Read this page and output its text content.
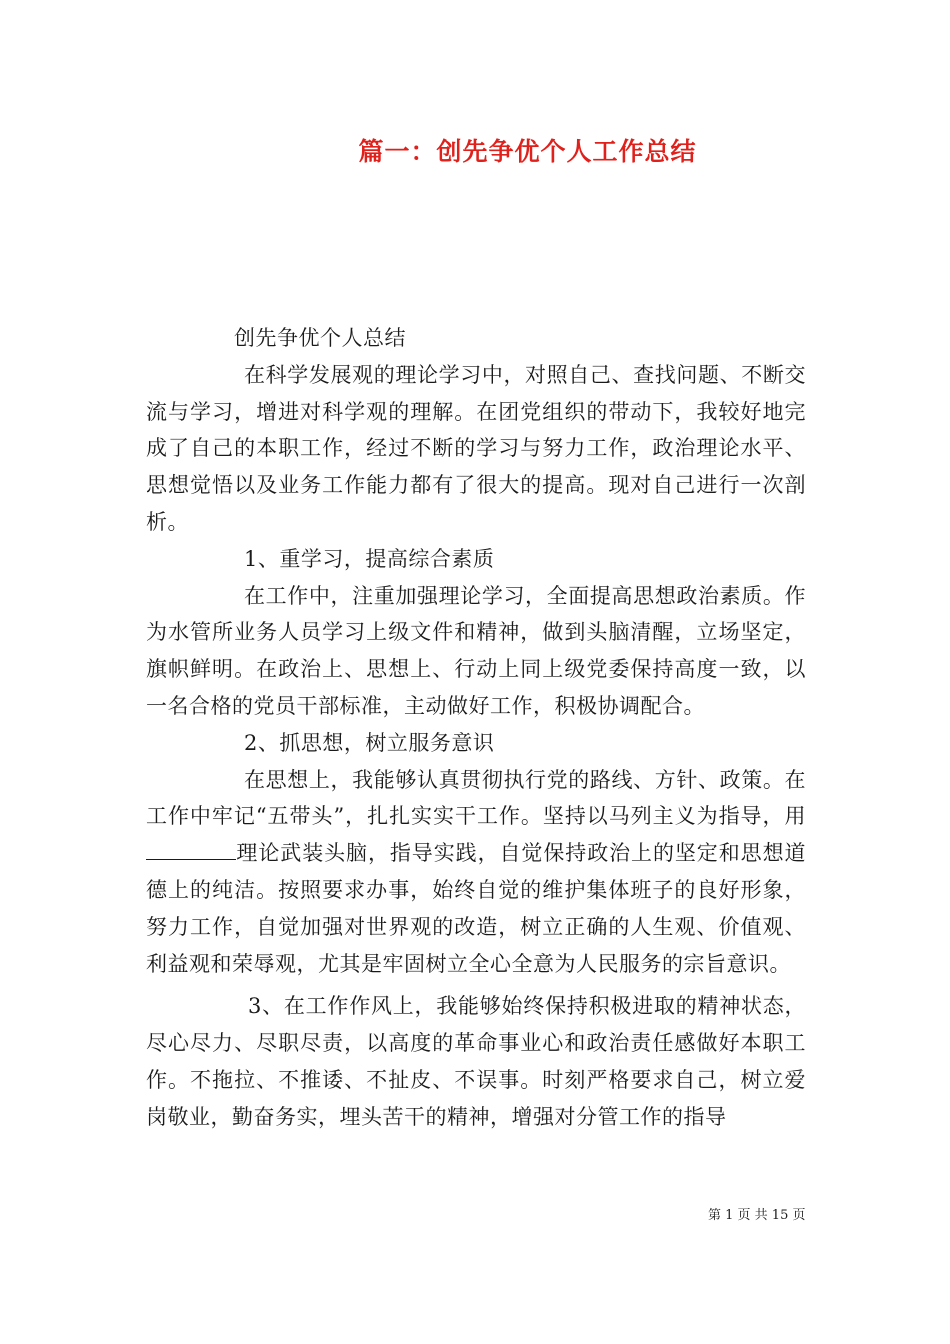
篇一：创先争优个人工作总结

创先争优个人总结

在科学发展观的理论学习中，对照自己、查找问题、不断交流与学习，增进对科学观的理解。在团党组织的带动下，我较好地完成了自己的本职工作，经过不断的学习与努力工作，政治理论水平、思想觉悟以及业务工作能力都有了很大的提高。现对自己进行一次剖析。

1、重学习，提高综合素质

在工作中，注重加强理论学习，全面提高思想政治素质。作为水管所业务人员学习上级文件和精神，做到头脑清醒，立场坚定，旗帜鲜明。在政治上、思想上、行动上同上级党委保持高度一致，以一名合格的党员干部标准，主动做好工作，积极协调配合。

2、抓思想，树立服务意识

在思想上，我能够认真贯彻执行党的路线、方针、政策。在工作中牢记“五带头”，扎扎实实干工作。坚持以马列主义为指导，用理论武装头脑，指导实践，自觉保持政治上的坚定和思想道德上的纯洁。按照要求办事，始终自觉的维护集体班子的良好形象，努力工作，自觉加强对世界观的改造，树立正确的人生观、价值观、利益观和荣辱观，尤其是牢固树立全心全意为人民服务的宗旨意识。

3、在工作作风上，我能够始终保持积极进取的精神状态，尽心尽力、尽职尽责，以高度的革命事业心和政治责任感做好本职工作。不拖拉、不推诿、不扯皮、不误事。时刻严格要求自己，树立爱岗敬业，勤奋务实，埋头苦干的精神，增强对分管工作的指导

第 1 页 共 15 页
